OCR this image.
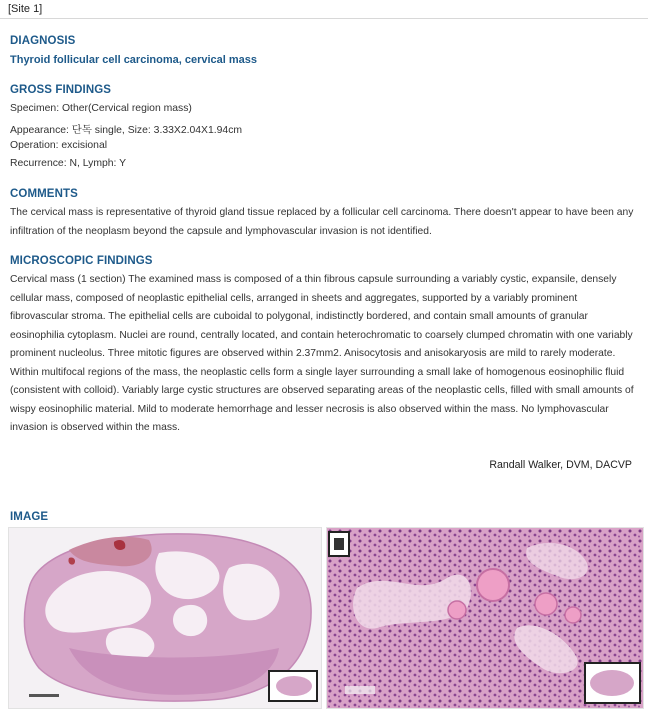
[Site 1]
DIAGNOSIS
Thyroid follicular cell carcinoma, cervical mass
GROSS FINDINGS
Specimen: Other(Cervical region mass)
Appearance: 단독 single, Size: 3.33X2.04X1.94cm
Operation: excisional
Recurrence: N, Lymph: Y
COMMENTS
The cervical mass is representative of thyroid gland tissue replaced by a follicular cell carcinoma. There doesn't appear to have been any infiltration of the neoplasm beyond the capsule and lymphovascular invasion is not identified.
MICROSCOPIC FINDINGS
Cervical mass (1 section) The examined mass is composed of a thin fibrous capsule surrounding a variably cystic, expansile, densely cellular mass, composed of neoplastic epithelial cells, arranged in sheets and aggregates, supported by a variably prominent fibrovascular stroma. The epithelial cells are cuboidal to polygonal, indistinctly bordered, and contain small amounts of granular eosinophilia cytoplasm. Nuclei are round, centrally located, and contain heterochromatic to coarsely clumped chromatin with one variably prominent nucleolus. Three mitotic figures are observed within 2.37mm2. Anisocytosis and anisokaryosis are mild to rarely moderate. Within multifocal regions of the mass, the neoplastic cells form a single layer surrounding a small lake of homogenous eosinophilic fluid (consistent with colloid). Variably large cystic structures are observed separating areas of the neoplastic cells, filled with small amounts of wispy eosinophilic material. Mild to moderate hemorrhage and lesser necrosis is also observed within the mass. No lymphovascular invasion is observed within the mass.
Randall Walker, DVM, DACVP
IMAGE
